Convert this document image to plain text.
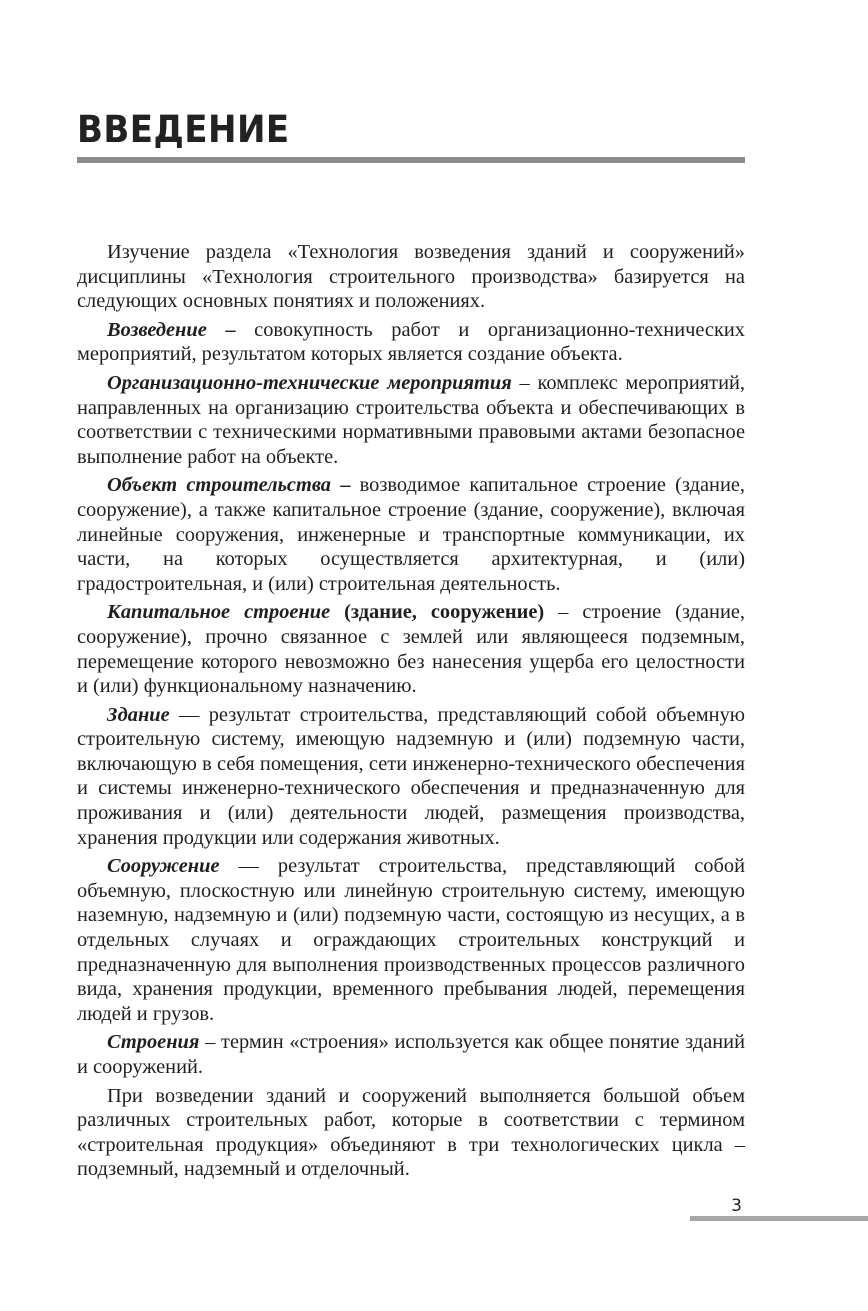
ВВЕДЕНИЕ

Изучение раздела «Технология возведения зданий и сооружений» дисциплины «Технология строительного производства» базируется на следующих основных понятиях и положениях.

Возведение – совокупность работ и организационно-технических мероприятий, результатом которых является создание объекта.

Организационно-технические мероприятия – комплекс мероприятий, направленных на организацию строительства объекта и обеспечивающих в соответствии с техническими нормативными правовыми актами безопасное выполнение работ на объекте.

Объект строительства – возводимое капитальное строение (здание, сооружение), а также капитальное строение (здание, сооружение), включая линейные сооружения, инженерные и транспортные коммуникации, их части, на которых осуществляется архитектурная, и (или) градостроительная, и (или) строительная деятельность.

Капитальное строение (здание, сооружение) – строение (здание, сооружение), прочно связанное с землей или являющееся подземным, перемещение которого невозможно без нанесения ущерба его целостности и (или) функциональному назначению.

Здание — результат строительства, представляющий собой объемную строительную систему, имеющую надземную и (или) подземную части, включающую в себя помещения, сети инженерно-технического обеспечения и системы инженерно-технического обеспечения и предназначенную для проживания и (или) деятельности людей, размещения производства, хранения продукции или содержания животных.

Сооружение — результат строительства, представляющий собой объемную, плоскостную или линейную строительную систему, имеющую наземную, надземную и (или) подземную части, состоящую из несущих, а в отдельных случаях и ограждающих строительных конструкций и предназначенную для выполнения производственных процессов различного вида, хранения продукции, временного пребывания людей, перемещения людей и грузов.

Строения – термин «строения» используется как общее понятие зданий и сооружений.

При возведении зданий и сооружений выполняется большой объем различных строительных работ, которые в соответствии с термином «строительная продукция» объединяют в три технологических цикла – подземный, надземный и отделочный.

3
